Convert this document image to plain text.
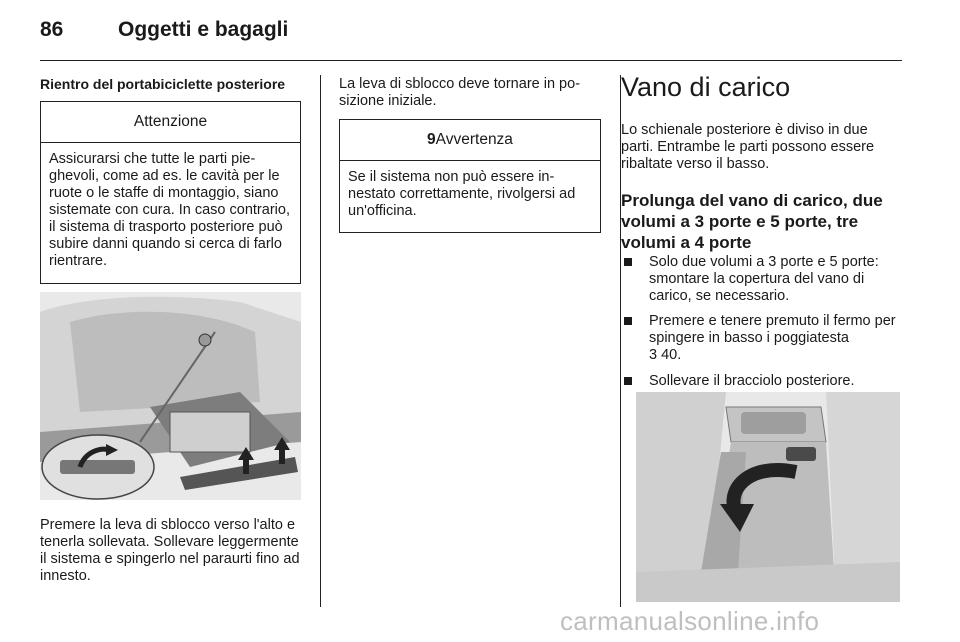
86	Oggetti e bagagli
Rientro del portabiciclette posteriore
Attenzione
Assicurarsi che tutte le parti pieghevoli, come ad es. le cavità per le ruote o le staffe di montaggio, siano sistemate con cura. In caso contrario, il sistema di trasporto posteriore può subire danni quando si cerca di farlo rientrare.
Premere la leva di sblocco verso l'alto e tenerla sollevata. Sollevare leggermente il sistema e spingerlo nel paraurti fino ad innesto.
La leva di sblocco deve tornare in posizione iniziale.
9 Avvertenza
Se il sistema non può essere innestato correttamente, rivolgersi ad un'officina.
Vano di carico
Lo schienale posteriore è diviso in due parti. Entrambe le parti possono essere ribaltate verso il basso.
Prolunga del vano di carico, due volumi a 3 porte e 5 porte, tre volumi a 4 porte
Solo due volumi a 3 porte e 5 porte: smontare la copertura del vano di carico, se necessario.
Premere e tenere premuto il fermo per spingere in basso i poggiatesta
3 40.
Sollevare il bracciolo posteriore.
carmanualsonline.info
